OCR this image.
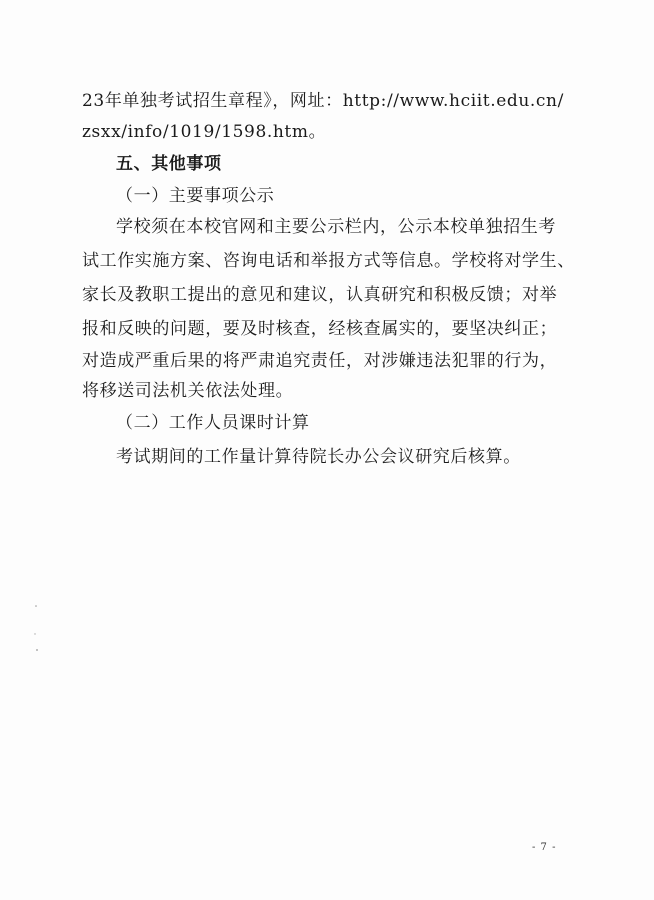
23年单独考试招生章程》，网址：http://www.hciit.edu.cn/
zsxx/info/1019/1598.htm。
五、其他事项
（一）主要事项公示
学校须在本校官网和主要公示栏内，公示本校单独招生考
试工作实施方案、咨询电话和举报方式等信息。学校将对学生、
家长及教职工提出的意见和建议，认真研究和积极反馈；对举
报和反映的问题，要及时核查，经核查属实的，要坚决纠正；
对造成严重后果的将严肃追究责任，对涉嫌违法犯罪的行为，
将移送司法机关依法处理。
（二）工作人员课时计算
考试期间的工作量计算待院长办公会议研究后核算。
- 7 -
